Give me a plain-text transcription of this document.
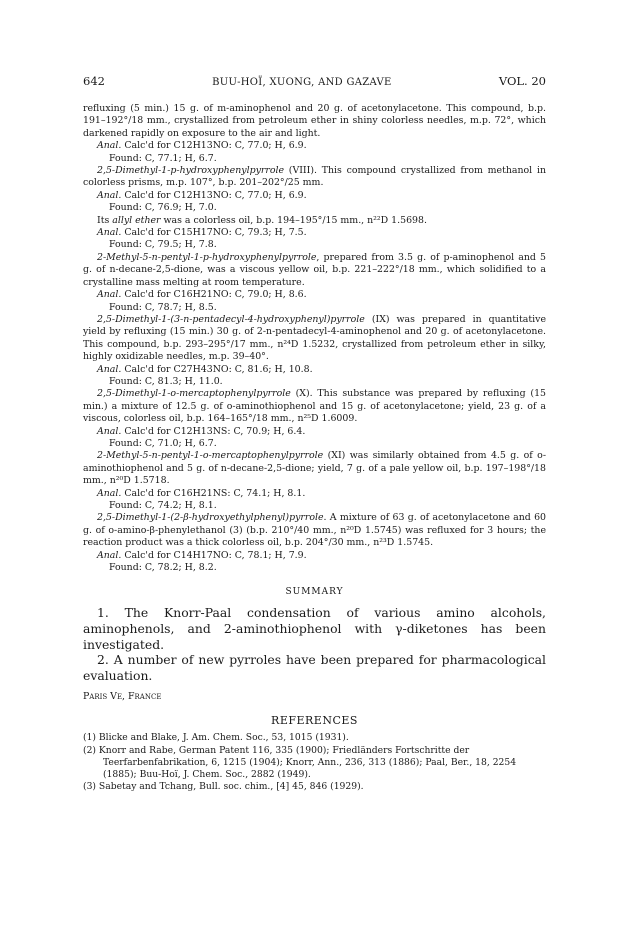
642	BUU-HOÏ, XUONG, AND GAZAVE	VOL. 20

refluxing (5 min.) 15 g. of m-aminophenol and 20 g. of acetonylacetone. This compound, b.p. 191–192°/18 mm., crystallized from petroleum ether in shiny colorless needles, m.p. 72°, which darkened rapidly on exposure to the air and light.

Anal. Calc'd for C12H13NO: C, 77.0; H, 6.9.

Found: C, 77.1; H, 6.7.

2,5-Dimethyl-1-p-hydroxyphenylpyrrole (VIII). This compound crystallized from methanol in colorless prisms, m.p. 107°, b.p. 201–202°/25 mm.

Anal. Calc'd for C12H13NO: C, 77.0; H, 6.9.

Found: C, 76.9; H, 7.0.

Its allyl ether was a colorless oil, b.p. 194–195°/15 mm., n²²D 1.5698.

Anal. Calc'd for C15H17NO: C, 79.3; H, 7.5.

Found: C, 79.5; H, 7.8.

2-Methyl-5-n-pentyl-1-p-hydroxyphenylpyrrole, prepared from 3.5 g. of p-aminophenol and 5 g. of n-decane-2,5-dione, was a viscous yellow oil, b.p. 221–222°/18 mm., which solidified to a crystalline mass melting at room temperature.

Anal. Calc'd for C16H21NO: C, 79.0; H, 8.6.

Found: C, 78.7; H, 8.5.

2,5-Dimethyl-1-(3-n-pentadecyl-4-hydroxyphenyl)pyrrole (IX) was prepared in quantitative yield by refluxing (15 min.) 30 g. of 2-n-pentadecyl-4-aminophenol and 20 g. of acetonylacetone. This compound, b.p. 293–295°/17 mm., n²⁴D 1.5232, crystallized from petroleum ether in silky, highly oxidizable needles, m.p. 39–40°.

Anal. Calc'd for C27H43NO: C, 81.6; H, 10.8.

Found: C, 81.3; H, 11.0.

2,5-Dimethyl-1-o-mercaptophenylpyrrole (X). This substance was prepared by refluxing (15 min.) a mixture of 12.5 g. of o-aminothiophenol and 15 g. of acetonylacetone; yield, 23 g. of a viscous, colorless oil, b.p. 164–165°/18 mm., n²⁵D 1.6009.

Anal. Calc'd for C12H13NS: C, 70.9; H, 6.4.

Found: C, 71.0; H, 6.7.

2-Methyl-5-n-pentyl-1-o-mercaptophenylpyrrole (XI) was similarly obtained from 4.5 g. of o-aminothiophenol and 5 g. of n-decane-2,5-dione; yield, 7 g. of a pale yellow oil, b.p. 197–198°/18 mm., n²⁰D 1.5718.

Anal. Calc'd for C16H21NS: C, 74.1; H, 8.1.

Found: C, 74.2; H, 8.1.

2,5-Dimethyl-1-(2-β-hydroxyethylphenyl)pyrrole. A mixture of 63 g. of acetonylacetone and 60 g. of o-amino-β-phenylethanol (3) (b.p. 210°/40 mm., n²⁰D 1.5745) was refluxed for 3 hours; the reaction product was a thick colorless oil, b.p. 204°/30 mm., n²³D 1.5745.

Anal. Calc'd for C14H17NO: C, 78.1; H, 7.9.

Found: C, 78.2; H, 8.2.

SUMMARY

1. The Knorr-Paal condensation of various amino alcohols, aminophenols, and 2-aminothiophenol with γ-diketones has been investigated.

2. A number of new pyrroles have been prepared for pharmacological evaluation.

Paris Ve, France
REFERENCES

(1) Blicke and Blake, J. Am. Chem. Soc., 53, 1015 (1931).

(2) Knorr and Rabe, German Patent 116, 335 (1900); Friedländers Fortschritte der Teerfarbenfabrikation, 6, 1215 (1904); Knorr, Ann., 236, 313 (1886); Paal, Ber., 18, 2254 (1885); Buu-Hoï, J. Chem. Soc., 2882 (1949).

(3) Sabetay and Tchang, Bull. soc. chim., [4] 45, 846 (1929).
